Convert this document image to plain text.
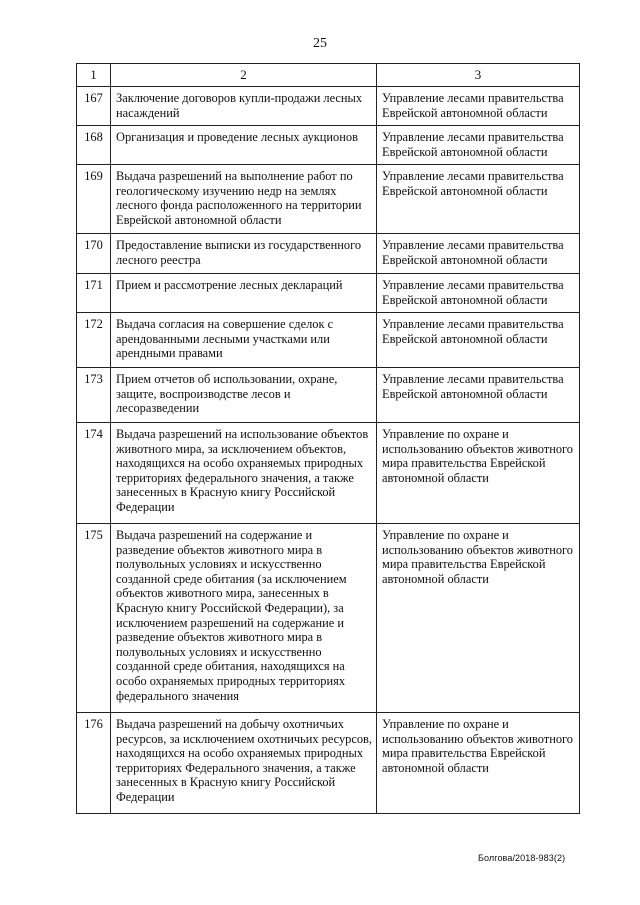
25
1	2	3
167	Заключение договоров купли-продажи лесных насаждений	Управление лесами правительства Еврейской автономной области
168	Организация и проведение лесных аукционов	Управление лесами правительства Еврейской автономной области
169	Выдача разрешений на выполнение работ по геологическому изучению недр на землях лесного фонда расположенного на территории Еврейской автономной области	Управление лесами правительства Еврейской автономной области
170	Предоставление выписки из государственного лесного реестра	Управление лесами правительства Еврейской автономной области
171	Прием и рассмотрение лесных деклараций	Управление лесами правительства Еврейской автономной области
172	Выдача согласия на совершение сделок с арендованными лесными участками или арендными правами	Управление лесами правительства Еврейской автономной области
173	Прием отчетов об использовании, охране, защите, воспроизводстве лесов и лесоразведении	Управление лесами правительства Еврейской автономной области
174	Выдача разрешений на использование объектов животного мира, за исключением объектов, находящихся на особо охраняемых природных территориях федерального значения, а также занесенных в Красную книгу Российской Федерации	Управление по охране и использованию объектов животного мира правительства Еврейской автономной области
175	Выдача разрешений на содержание и разведение объектов животного мира в полувольных условиях и искусственно созданной среде обитания (за исключением объектов животного мира, занесенных в Красную книгу Российской Федерации), за исключением разрешений на содержание и разведение объектов животного мира в полувольных условиях и искусственно созданной среде обитания, находящихся на особо охраняемых природных территориях федерального значения	Управление по охране и использованию объектов животного мира правительства Еврейской автономной области
176	Выдача разрешений на добычу охотничьих ресурсов, за исключением охотничьих ресурсов, находящихся на особо охраняемых природных территориях Федерального значения, а также занесенных в Красную книгу Российской Федерации	Управление по охране и использованию объектов животного мира правительства Еврейской автономной области
Болгова/2018-983(2)
